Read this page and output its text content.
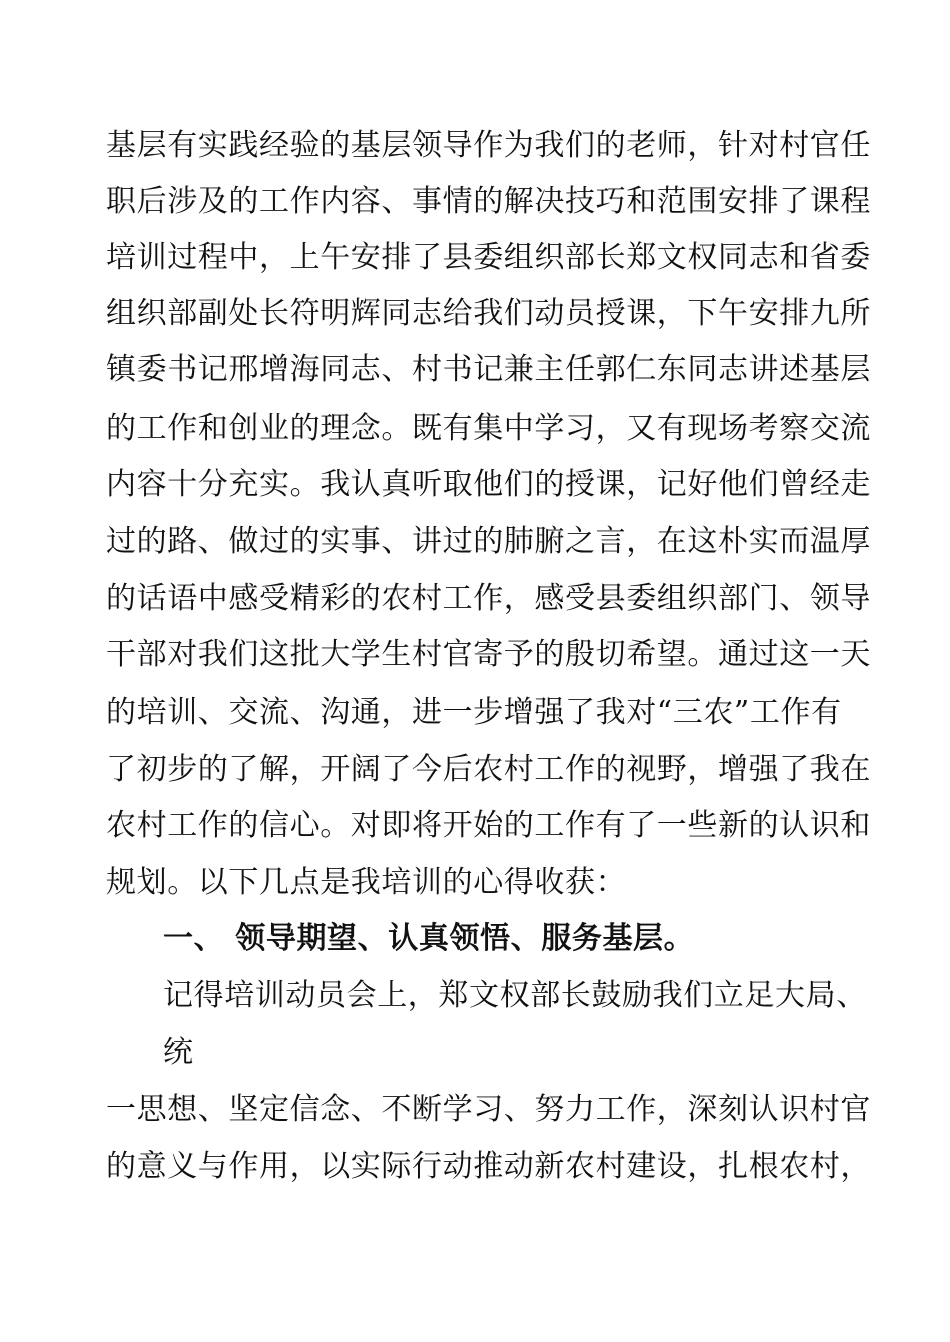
基层有实践经验的基层领导作为我们的老师，针对村官任
职后涉及的工作内容、事情的解决技巧和范围安排了课程
培训过程中，上午安排了县委组织部长郑文权同志和省委
组织部副处长符明辉同志给我们动员授课，下午安排九所
镇委书记邢增海同志、村书记兼主任郭仁东同志讲述基层
的工作和创业的理念。既有集中学习，又有现场考察交流
内容十分充实。我认真听取他们的授课，记好他们曾经走
过的路、做过的实事、讲过的肺腑之言，在这朴实而温厚
的话语中感受精彩的农村工作，感受县委组织部门、领导
干部对我们这批大学生村官寄予的殷切希望。通过这一天
的培训、交流、沟通，进一步增强了我对“三农”工作有
了初步的了解，开阔了今后农村工作的视野，增强了我在
农村工作的信心。对即将开始的工作有了一些新的认识和
规划。以下几点是我培训的心得收获：
一、 领导期望、认真领悟、服务基层。
记得培训动员会上，郑文权部长鼓励我们立足大局、
统
一思想、坚定信念、不断学习、努力工作，深刻认识村官
的意义与作用，以实际行动推动新农村建设，扎根农村，
